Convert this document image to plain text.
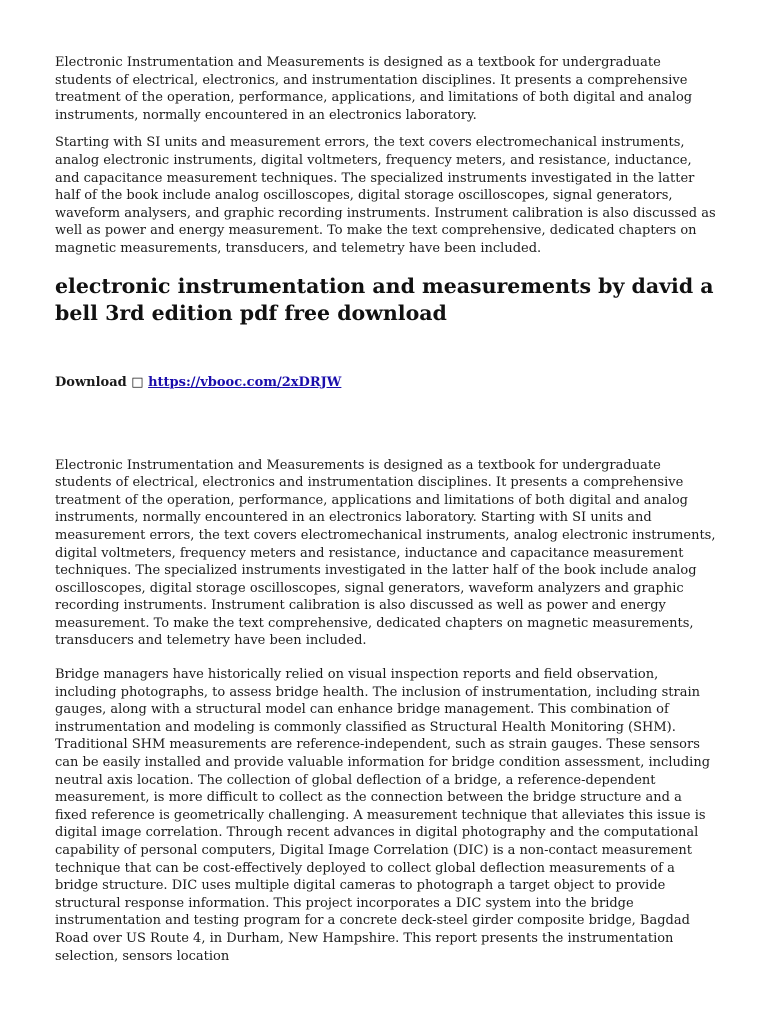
Electronic Instrumentation and Measurements is designed as a textbook for undergraduate students of electrical, electronics, and instrumentation disciplines. It presents a comprehensive treatment of the operation, performance, applications, and limitations of both digital and analog instruments, normally encountered in an electronics laboratory.

Starting with SI units and measurement errors, the text covers electromechanical instruments, analog electronic instruments, digital voltmeters, frequency meters, and resistance, inductance, and capacitance measurement techniques. The specialized instruments investigated in the latter half of the book include analog oscilloscopes, digital storage oscilloscopes, signal generators, waveform analysers, and graphic recording instruments. Instrument calibration is also discussed as well as power and energy measurement. To make the text comprehensive, dedicated chapters on magnetic measurements, transducers, and telemetry have been included.

electronic instrumentation and measurements by david a bell 3rd edition pdf free download
Download □ https://vbooc.com/2xDRJW

Electronic Instrumentation and Measurements is designed as a textbook for undergraduate students of electrical, electronics and instrumentation disciplines. It presents a comprehensive treatment of the operation, performance, applications and limitations of both digital and analog instruments, normally encountered in an electronics laboratory. Starting with SI units and measurement errors, the text covers electromechanical instruments, analog electronic instruments, digital voltmeters, frequency meters and resistance, inductance and capacitance measurement techniques. The specialized instruments investigated in the latter half of the book include analog oscilloscopes, digital storage oscilloscopes, signal generators, waveform analyzers and graphic recording instruments. Instrument calibration is also discussed as well as power and energy measurement. To make the text comprehensive, dedicated chapters on magnetic measurements, transducers and telemetry have been included.

Bridge managers have historically relied on visual inspection reports and field observation, including photographs, to assess bridge health. The inclusion of instrumentation, including strain gauges, along with a structural model can enhance bridge management. This combination of instrumentation and modeling is commonly classified as Structural Health Monitoring (SHM). Traditional SHM measurements are reference-independent, such as strain gauges. These sensors can be easily installed and provide valuable information for bridge condition assessment, including neutral axis location. The collection of global deflection of a bridge, a reference-dependent measurement, is more difficult to collect as the connection between the bridge structure and a fixed reference is geometrically challenging. A measurement technique that alleviates this issue is digital image correlation. Through recent advances in digital photography and the computational capability of personal computers, Digital Image Correlation (DIC) is a non-contact measurement technique that can be cost-effectively deployed to collect global deflection measurements of a bridge structure. DIC uses multiple digital cameras to photograph a target object to provide structural response information. This project incorporates a DIC system into the bridge instrumentation and testing program for a concrete deck-steel girder composite bridge, Bagdad Road over US Route 4, in Durham, New Hampshire. This report presents the instrumentation selection, sensors location
